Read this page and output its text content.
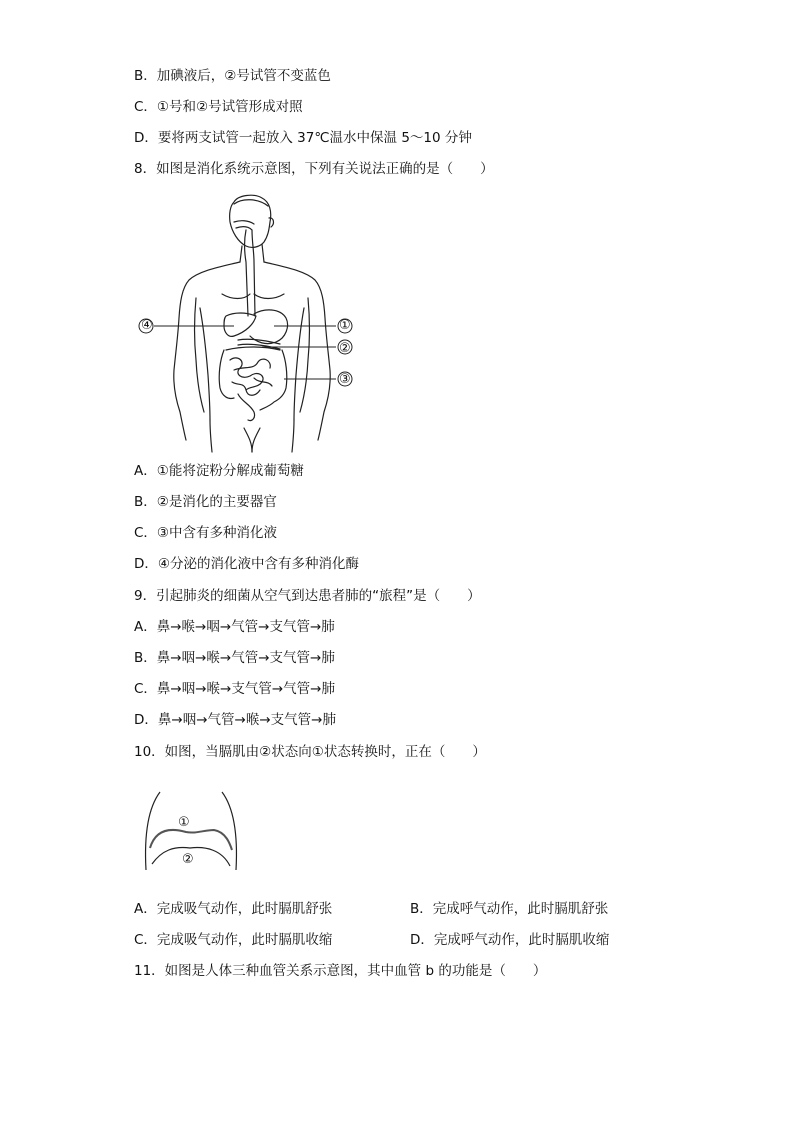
B．加碘液后，②号试管不变蓝色
C．①号和②号试管形成对照
D．要将两支试管一起放入 37℃温水中保温 5～10 分钟
8．如图是消化系统示意图，下列有关说法正确的是（　　）
④	①
②
③
A．①能将淀粉分解成葡萄糖
B．②是消化的主要器官
C．③中含有多种消化液
D．④分泌的消化液中含有多种消化酶
9．引起肺炎的细菌从空气到达患者肺的“旅程”是（　　）
A．鼻→喉→咽→气管→支气管→肺
B．鼻→咽→喉→气管→支气管→肺
C．鼻→咽→喉→支气管→气管→肺
D．鼻→咽→气管→喉→支气管→肺
10．如图，当膈肌由②状态向①状态转换时，正在（　　）
①
②
A．完成吸气动作，此时膈肌舒张	B．完成呼气动作，此时膈肌舒张
C．完成吸气动作，此时膈肌收缩	D．完成呼气动作，此时膈肌收缩
11．如图是人体三种血管关系示意图，其中血管 b 的功能是（　　）
